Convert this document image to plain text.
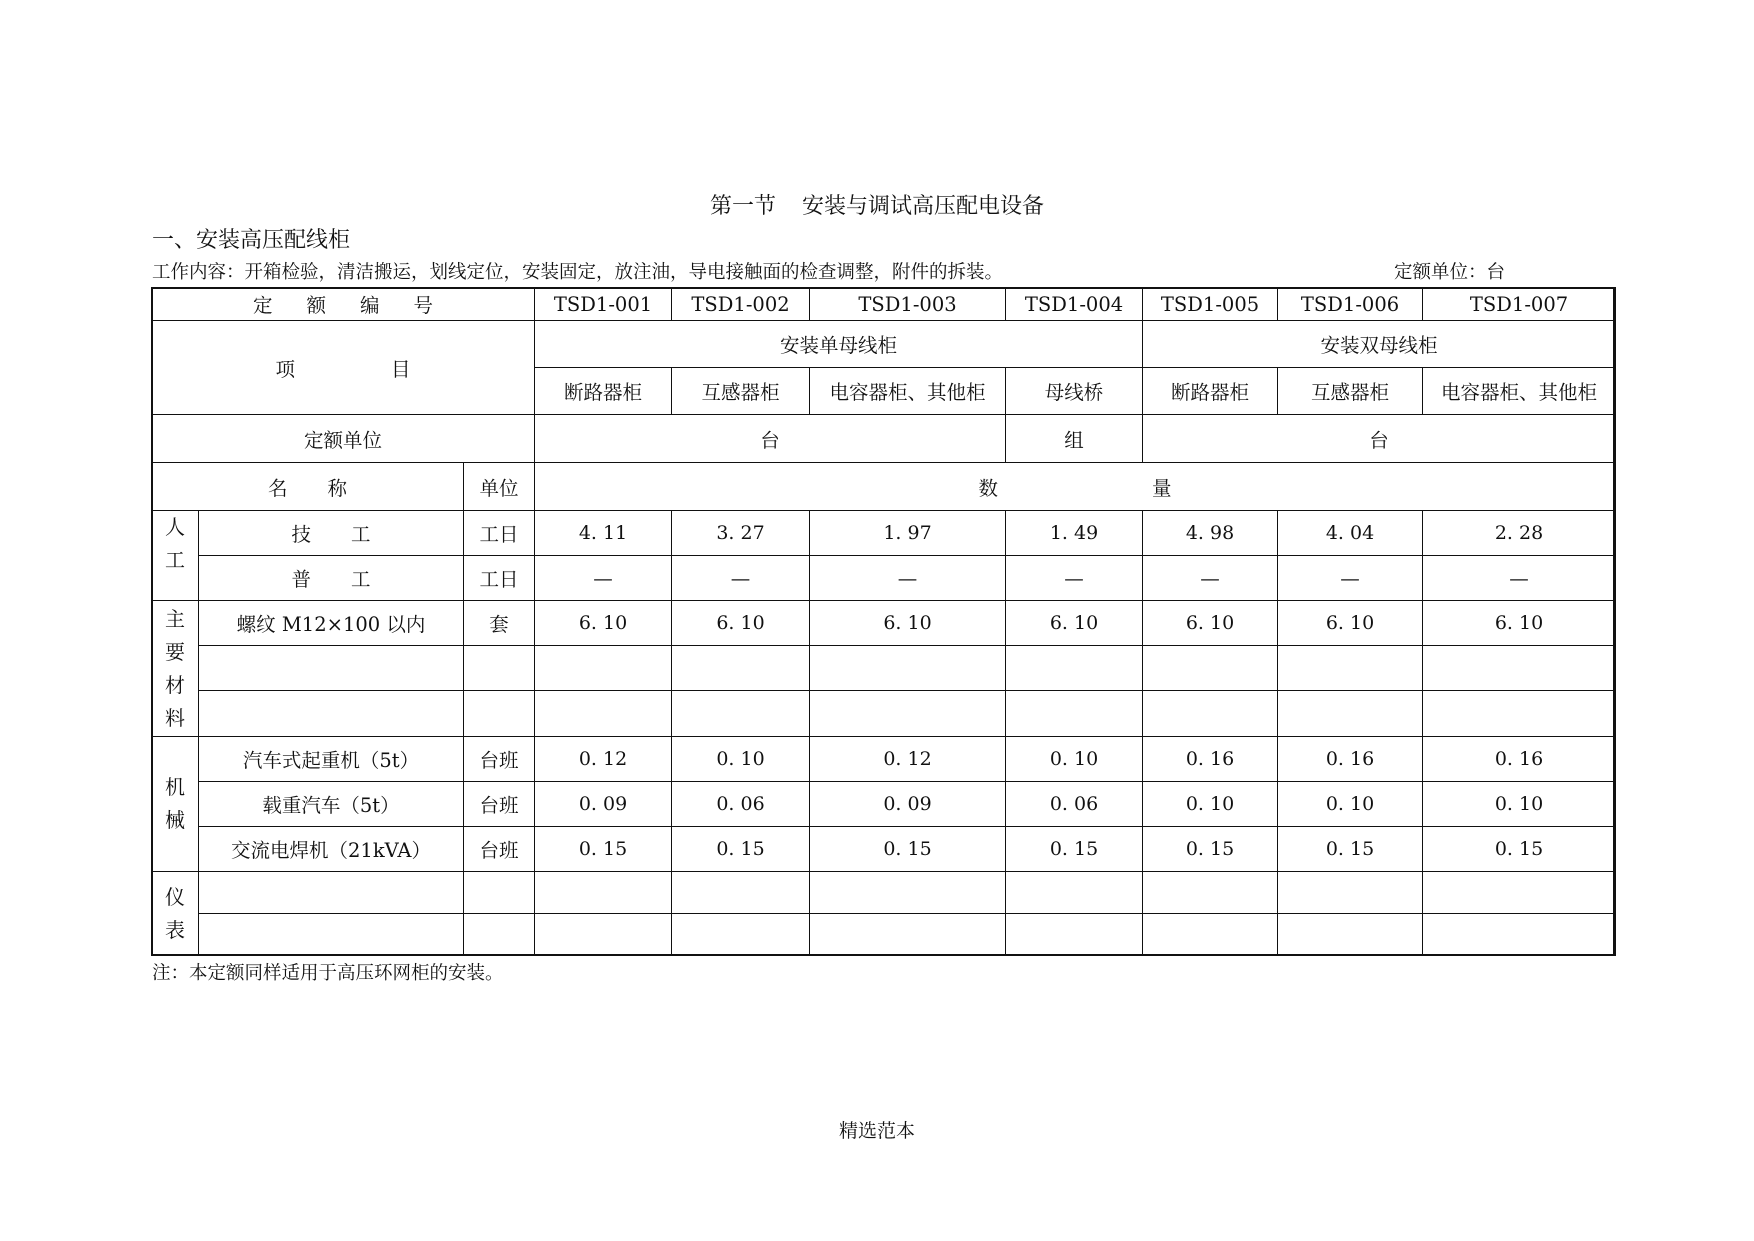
第一节 安装与调试高压配电设备
一、安装高压配线柜
工作内容：开箱检验，清洁搬运，划线定位，安装固定，放注油，导电接触面的检查调整，附件的拆装。	定额单位：台
定 额 编 号			TSD1-001	TSD1-002	TSD1-003	TSD1-004	TSD1-005	TSD1-006	TSD1-007
项 目			安装单母线柜				安装双母线柜		
			断路器柜	互感器柜	电容器柜、其他柜	母线桥	断路器柜	互感器柜	电容器柜、其他柜
定额单位			台			组	台		
名 称		单位	数 量						

人
工	技 工	工日	4. 11	3. 27	1. 97	1. 49	4. 98	4. 04	2. 28
	普 工	工日	—	—	—	—	—	—	—

主
要
材
料	螺纹 M12×100 以内	套	6. 10	6. 10	6. 10	6. 10	6. 10	6. 10	6. 10

机
械	汽车式起重机（5t）	台班	0. 12	0. 10	0. 12	0. 10	0. 16	0. 16	0. 16
	载重汽车（5t）	台班	0. 09	0. 06	0. 09	0. 06	0. 10	0. 10	0. 10
	交流电焊机（21kVA）	台班	0. 15	0. 15	0. 15	0. 15	0. 15	0. 15	0. 15

仪
表									

注：本定额同样适用于高压环网柜的安装。
精选范本
